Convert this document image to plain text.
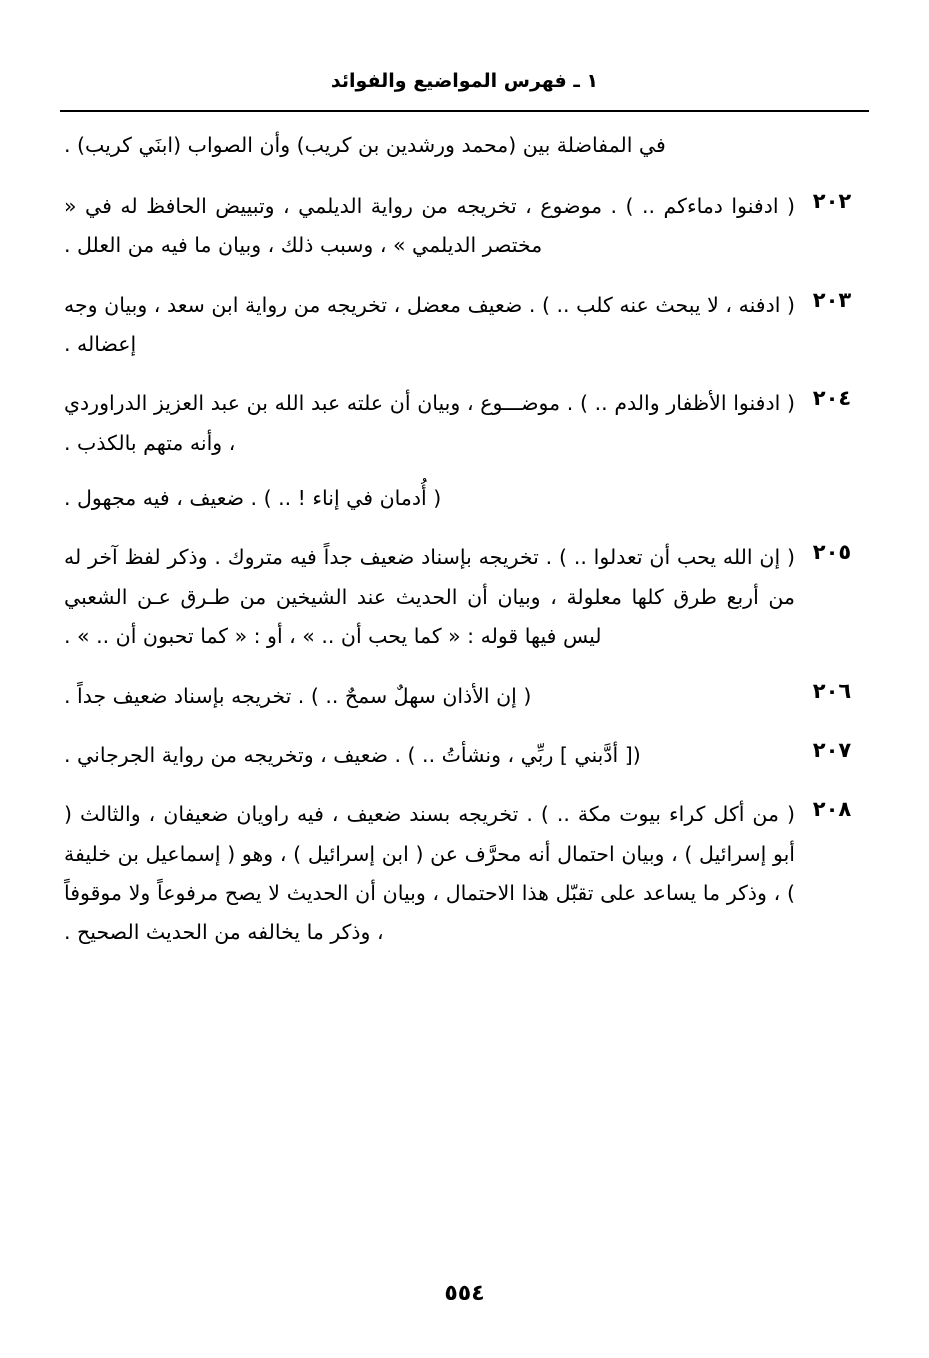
١ ـ فهرس المواضيع والفوائد
في المفاضلة بين (محمد ورشدين بن كريب) وأن الصواب (ابنَي كريب) .
٢٠٢
( ادفنوا دماءكم .. ) . موضوع ، تخريجه من رواية الديلمي ، وتبييض الحافظ له في « مختصر الديلمي » ، وسبب ذلك ، وبيان ما فيه من العلل .
٢٠٣
( ادفنه ، لا يبحث عنه كلب .. ) . ضعيف معضل ، تخريجه من رواية ابن سعد ، وبيان وجه إعضاله .
٢٠٤
( ادفنوا الأظفار والدم .. ) . موضـــوع ، وبيان أن علته عبد الله بن عبد العزيز الدراوردي ، وأنه متهم بالكذب .
( أُدمان في إناء ! .. ) . ضعيف ، فيه مجهول .
٢٠٥
( إن الله يحب أن تعدلوا .. ) . تخريجه بإسناد ضعيف جداً فيه متروك . وذكر لفظ آخر له من أربع طرق كلها معلولة ، وبيان أن الحديث عند الشيخين من طـرق عـن الشعبي ليس فيها قوله : « كما يحب أن .. » ، أو : « كما تحبون أن .. » .
٢٠٦
( إن الأذان سهلٌ سمحٌ .. ) . تخريجه بإسناد ضعيف جداً .
٢٠٧
([ أدَّبني ] ربِّي ، ونشأتُ .. ) . ضعيف ، وتخريجه من رواية الجرجاني .
٢٠٨
( من أكل كراء بيوت مكة .. ) . تخريجه بسند ضعيف ، فيه راويان ضعيفان ، والثالث ( أبو إسرائيل ) ، وبيان احتمال أنه محرَّف عن ( ابن إسرائيل ) ، وهو ( إسماعيل بن خليفة ) ، وذكر ما يساعد على تقبّل هذا الاحتمال ، وبيان أن الحديث لا يصح مرفوعاً ولا موقوفاً ، وذكر ما يخالفه من الحديث الصحيح .
٥٥٤
